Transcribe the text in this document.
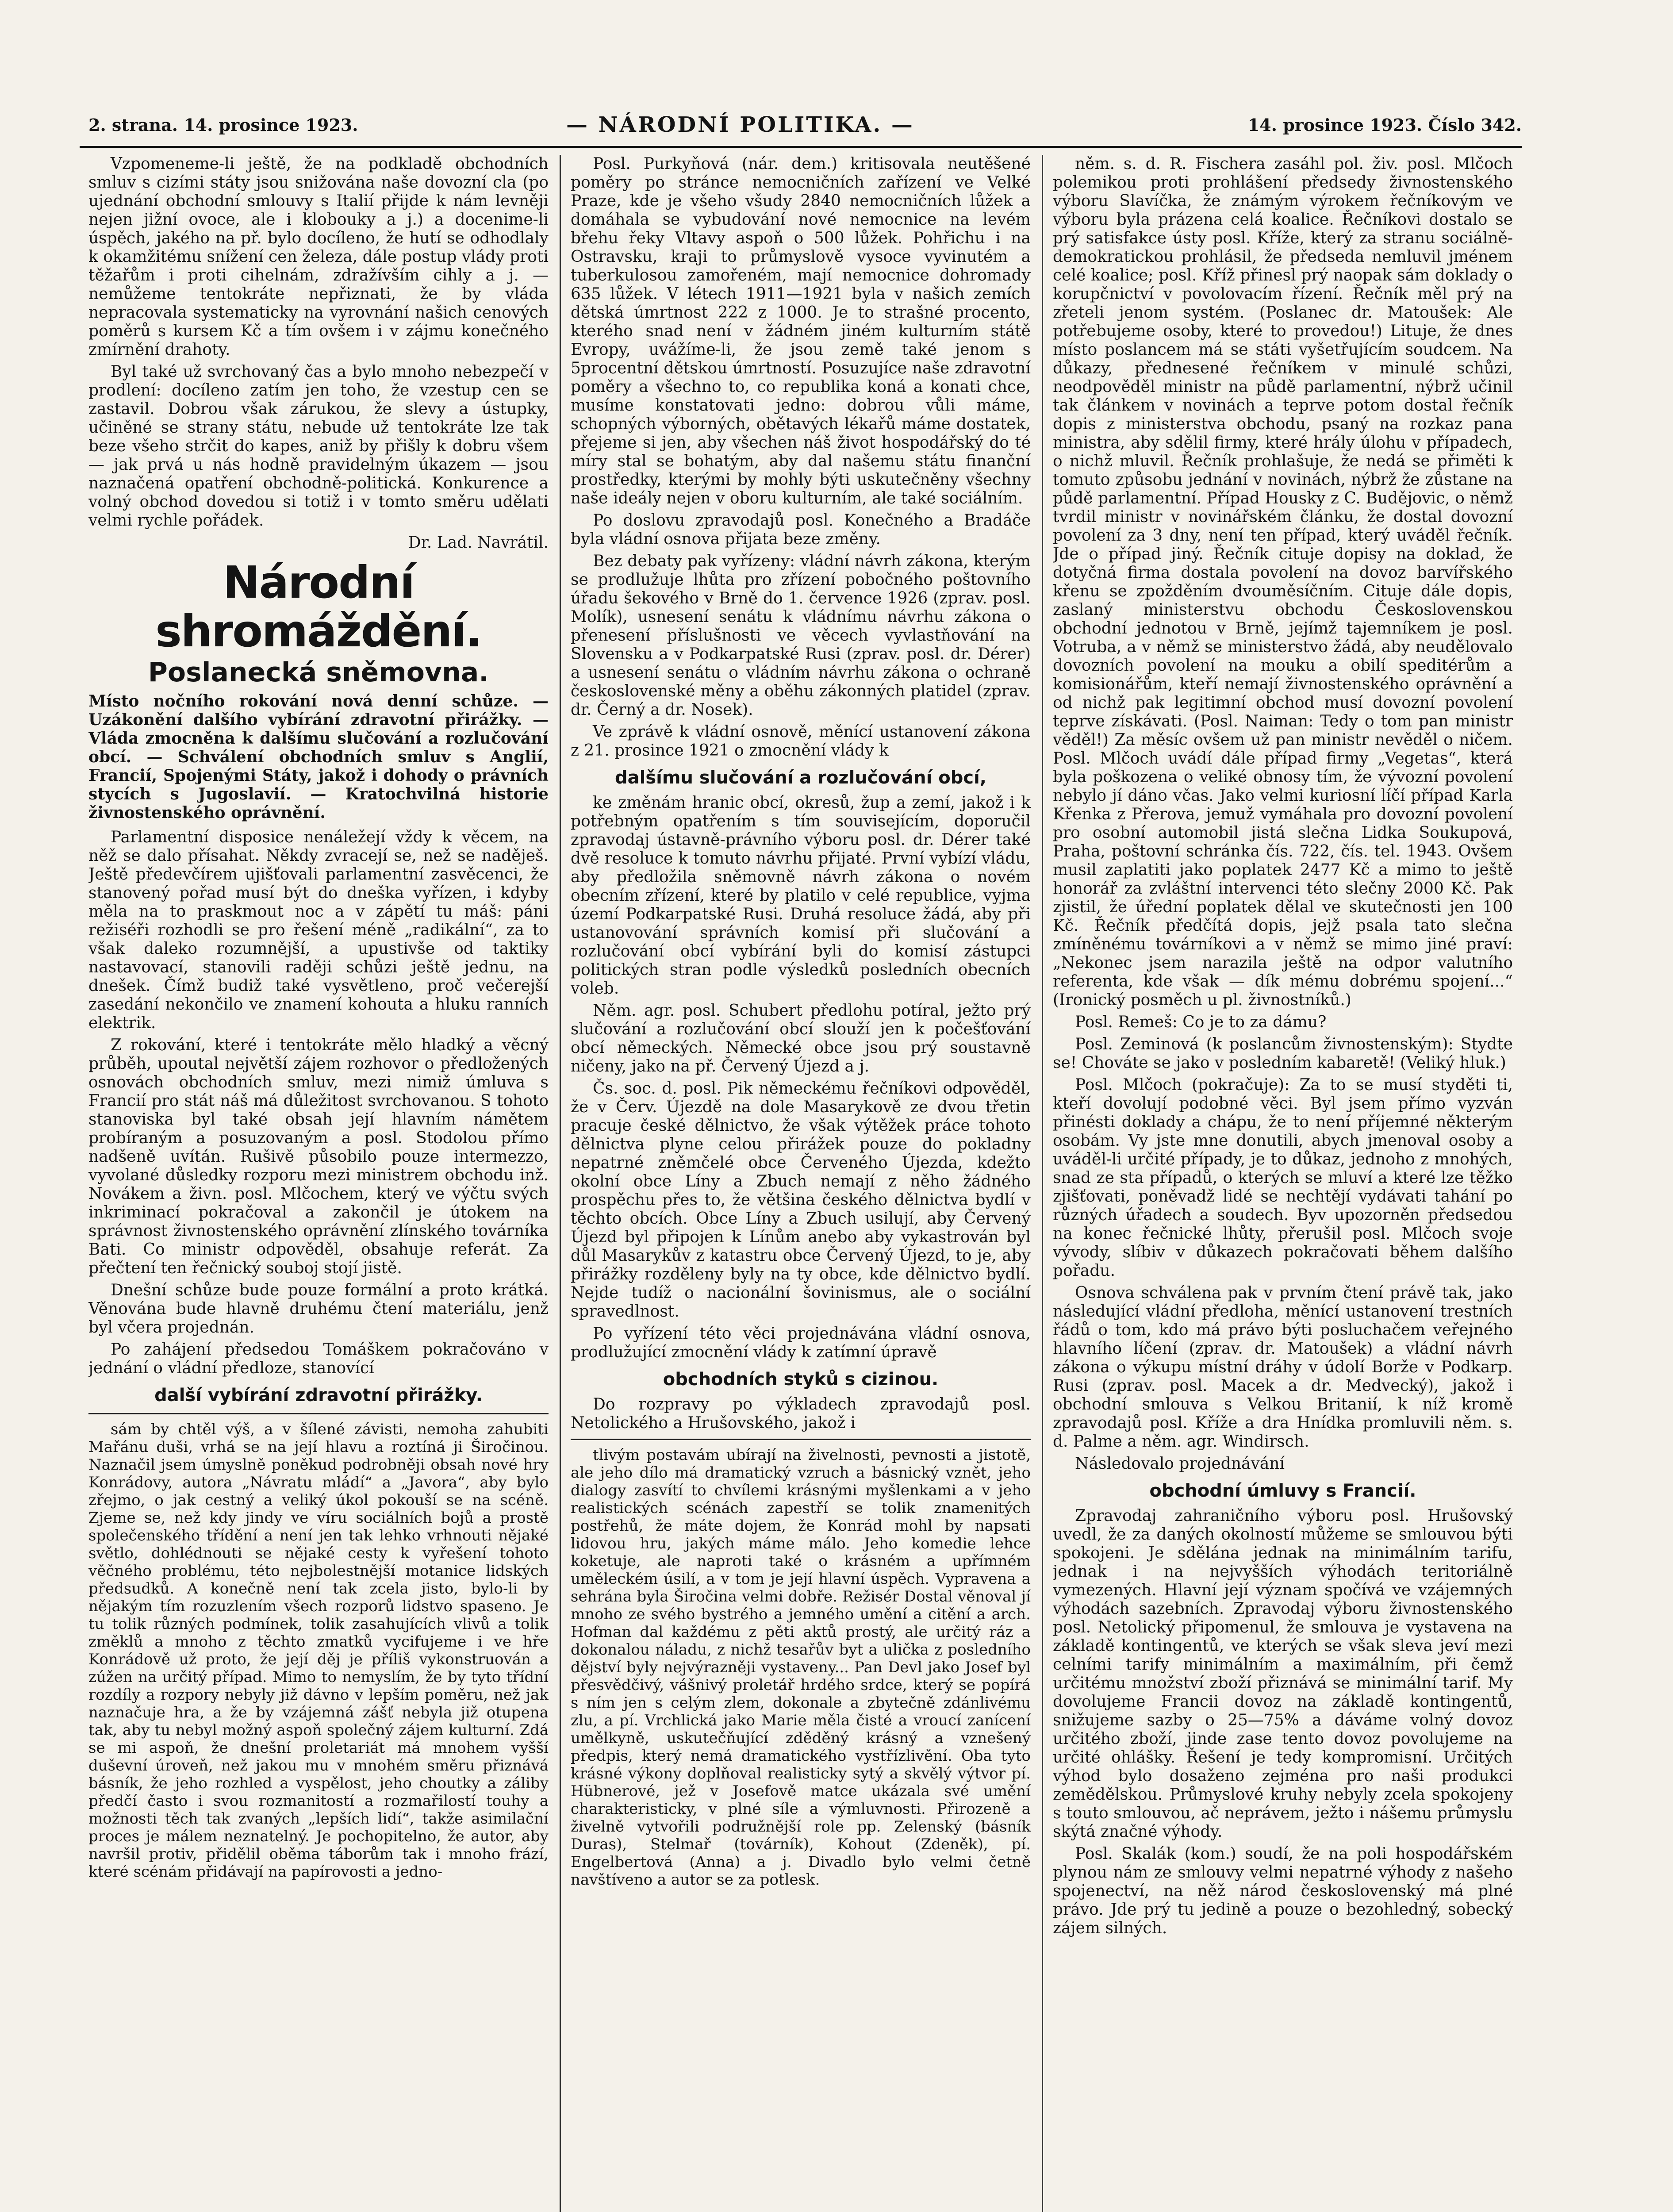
2. strana. 14. prosince 1923.	— NÁRODNÍ POLITIKA. —	14. prosince 1923. Číslo 342.

Vzpomeneme-li ještě, že na podkladě obchodních smluv s cizími státy jsou snižována naše dovozní cla (po ujednání obchodní smlouvy s Italií přijde k nám levněji nejen jižní ovoce, ale i klobouky a j.) a docenime-li úspěch, jakého na př. bylo docíleno, že hutí se odhodlaly k okamžitému snížení cen železa, dále postup vlády proti těžařům i proti cihelnám, zdražívším cihly a j. — nemůžeme tentokráte nepřiznati, že by vláda nepracovala systematicky na vyrovnání našich cenových poměrů s kursem Kč a tím ovšem i v zájmu konečného zmírnění drahoty.

Byl také už svrchovaný čas a bylo mnoho nebezpečí v prodlení: docíleno zatím jen toho, že vzestup cen se zastavil. Dobrou však zárukou, že slevy a ústupky, učiněné se strany státu, nebude už tentokráte lze tak beze všeho strčit do kapes, aniž by přišly k dobru všem — jak prvá u nás hodně pravidelným úkazem — jsou naznačená opatření obchodně-politická. Konkurence a volný obchod dovedou si totiž i v tomto směru udělati velmi rychle pořádek.

Dr. Lad. Navrátil.
Národní shromáždění.
Poslanecká sněmovna.

Místo nočního rokování nová denní schůze. — Uzákonění dalšího vybírání zdravotní přirážky. — Vláda zmocněna k dalšímu slučování a rozlučování obcí. — Schválení obchodních smluv s Anglií, Francií, Spojenými Státy, jakož i dohody o právních stycích s Jugoslavií. — Kratochvilná historie živnostenského oprávnění.

Parlamentní disposice nenáležejí vždy k věcem, na něž se dalo přísahat. Někdy zvracejí se, než se naděješ. Ještě předevčírem ujišťovali parlamentní zasvěcenci, že stanovený pořad musí být do dneška vyřízen, i kdyby měla na to praskmout noc a v zápětí tu máš: páni režiséři rozhodli se pro řešení méně „radikální“, za to však daleko rozumnější, a upustivše od taktiky nastavovací, stanovili raději schůzi ještě jednu, na dnešek. Čímž budiž také vysvětleno, proč večerejší zasedání nekončilo ve znamení kohouta a hluku ranních elektrik.

Z rokování, které i tentokráte mělo hladký a věcný průběh, upoutal největší zájem rozhovor o předložených osnovách obchodních smluv, mezi nimiž úmluva s Francií pro stát náš má důležitost svrchovanou. S tohoto stanoviska byl také obsah její hlavním námětem probíraným a posuzovaným a posl. Stodolou přímo nadšeně uvítán. Rušivě působilo pouze intermezzo, vyvolané důsledky rozporu mezi ministrem obchodu inž. Novákem a živn. posl. Mlčochem, který ve výčtu svých inkriminací pokračoval a zakončil je útokem na správnost živnostenského oprávnění zlínského továrníka Bati. Co ministr odpověděl, obsahuje referát. Za přečtení ten řečnický souboj stojí jistě.

Dnešní schůze bude pouze formální a proto krátká. Věnována bude hlavně druhému čtení materiálu, jenž byl včera projednán.

Po zahájení předsedou Tomáškem pokračováno v jednání o vládní předloze, stanovící

další vybírání zdravotní přirážky.

sám by chtěl výš, a v šílené závisti, nemoha zahubiti Mařánu duši, vrhá se na její hlavu a roztíná ji Širočinou. Naznačil jsem úmyslně poněkud podrobněji obsah nové hry Konrádovy, autora „Návratu mládí“ a „Javora“, aby bylo zřejmo, o jak cestný a veliký úkol pokouší se na scéně. Zjeme se, než kdy jindy ve víru sociálních bojů a prostě společenského třídění a není jen tak lehko vrhnouti nějaké světlo, dohlédnouti se nějaké cesty k vyřešení tohoto věčného problému, této nejbolestnější motanice lidských předsudků. A konečně není tak zcela jisto, bylo-li by nějakým tím rozuzlením všech rozporů lidstvo spaseno. Je tu tolik různých podmínek, tolik zasahujících vlivů a tolik změklů a mnoho z těchto zmatků vycifujeme i ve hře Konrádově už proto, že její děj je příliš vykonstruován a zúžen na určitý případ. Mimo to nemyslím, že by tyto třídní rozdíly a rozpory nebyly již dávno v lepším poměru, než jak naznačuje hra, a že by vzájemná zášť nebyla již otupena tak, aby tu nebyl možný aspoň společný zájem kulturní. Zdá se mi aspoň, že dnešní proletariát má mnohem vyšší duševní úroveň, než jakou mu v mnohém směru přiznává básník, že jeho rozhled a vyspělost, jeho choutky a záliby předčí často i svou rozmanitostí a rozmařilostí touhy a možnosti těch tak zvaných „lepších lidí“, takže asimilační proces je málem neznatelný. Je pochopitelno, že autor, aby navršil protiv, přidělil oběma táborům tak i mnoho frází, které scénám přidávají na papírovosti a jedno-

Posl. Purkyňová (nár. dem.) kritisovala neutěšené poměry po stránce nemocničních zařízení ve Velké Praze, kde je všeho všudy 2840 nemocničních lůžek a domáhala se vybudování nové nemocnice na levém břehu řeky Vltavy aspoň o 500 lůžek. Pohřichu i na Ostravsku, kraji to průmyslově vysoce vyvinutém a tuberkulosou zamořeném, mají nemocnice dohromady 635 lůžek. V létech 1911—1921 byla v našich zemích dětská úmrtnost 222 z 1000. Je to strašné procento, kterého snad není v žádném jiném kulturním státě Evropy, uvážíme-li, že jsou země také jenom s 5procentní dětskou úmrtností. Posuzujíce naše zdravotní poměry a všechno to, co republika koná a konati chce, musíme konstatovati jedno: dobrou vůli máme, schopných výborných, obětavých lékařů máme dostatek, přejeme si jen, aby všechen náš život hospodářský do té míry stal se bohatým, aby dal našemu státu finanční prostředky, kterými by mohly býti uskutečněny všechny naše ideály nejen v oboru kulturním, ale také sociálním.

Po doslovu zpravodajů posl. Konečného a Bradáče byla vládní osnova přijata beze změny.

Bez debaty pak vyřízeny: vládní návrh zákona, kterým se prodlužuje lhůta pro zřízení pobočného poštovního úřadu šekového v Brně do 1. července 1926 (zprav. posl. Molík), usnesení senátu k vládnímu návrhu zákona o přenesení příslušnosti ve věcech vyvlastňování na Slovensku a v Podkarpatské Rusi (zprav. posl. dr. Dérer) a usnesení senátu o vládním návrhu zákona o ochraně československé měny a oběhu zákonných platidel (zprav. dr. Černý a dr. Nosek).

Ve zprávě k vládní osnově, měnící ustanovení zákona z 21. prosince 1921 o zmocnění vlády k

dalšímu slučování a rozlučování obcí,

ke změnám hranic obcí, okresů, žup a zemí, jakož i k potřebným opatřením s tím souvisejícím, doporučil zpravodaj ústavně-právního výboru posl. dr. Dérer také dvě resoluce k tomuto návrhu přijaté. První vybízí vládu, aby předložila sněmovně návrh zákona o novém obecním zřízení, které by platilo v celé republice, vyjma území Podkarpatské Rusi. Druhá resoluce žádá, aby při ustanovování správních komisí při slučování a rozlučování obcí vybírání byli do komisí zástupci politických stran podle výsledků posledních obecních voleb.

Něm. agr. posl. Schubert předlohu potíral, ježto prý slučování a rozlučování obcí slouží jen k počešťování obcí německých. Německé obce jsou prý soustavně ničeny, jako na př. Červený Újezd a j.

Čs. soc. d. posl. Pik německému řečníkovi odpověděl, že v Červ. Újezdě na dole Masarykově ze dvou třetin pracuje české dělnictvo, že však výtěžek práce tohoto dělnictva plyne celou přirážek pouze do pokladny nepatrné zněmčelé obce Červeného Újezda, kdežto okolní obce Líny a Zbuch nemají z něho žádného prospěchu přes to, že většina českého dělnictva bydlí v těchto obcích. Obce Líny a Zbuch usilují, aby Červený Újezd byl připojen k Línům anebo aby vykastrován byl důl Masarykův z katastru obce Červený Újezd, to je, aby přirážky rozděleny byly na ty obce, kde dělnictvo bydlí. Nejde tudíž o nacionální šovinismus, ale o sociální spravedlnost.

Po vyřízení této věci projednávána vládní osnova, prodlužující zmocnění vlády k zatímní úpravě

obchodních styků s cizinou.

Do rozpravy po výkladech zpravodajů posl. Netolického a Hrušovského, jakož i

tlivým postavám ubírají na živelnosti, pevnosti a jistotě, ale jeho dílo má dramatický vzruch a básnický vznět, jeho dialogy zasvítí to chvílemi krásnými myšlenkami a v jeho realistických scénách zapestří se tolik znamenitých postřehů, že máte dojem, že Konrád mohl by napsati lidovou hru, jakých máme málo. Jeho komedie lehce koketuje, ale naproti také o krásném a upřímném uměleckém úsilí, a v tom je její hlavní úspěch. Vypravena a sehrána byla Širočina velmi dobře. Režisér Dostal věnoval jí mnoho ze svého bystrého a jemného umění a citění a arch. Hofman dal každému z pěti aktů prostý, ale určitý ráz a dokonalou náladu, z nichž tesařův byt a ulička z posledního dějství byly nejvýrazněji vystaveny... Pan Devl jako Josef byl přesvědčivý, vášnivý proletář hrdého srdce, který se popírá s ním jen s celým zlem, dokonale a zbytečně zdánlivému zlu, a pí. Vrchlická jako Marie měla čisté a vroucí zanícení umělkyně, uskutečňující zděděný krásný a vznešený předpis, který nemá dramatického vystřízlivění. Oba tyto krásné výkony doplňoval realisticky sytý a skvělý výtvor pí. Hübnerové, jež v Josefově matce ukázala své umění charakteristicky, v plné síle a výmluvnosti. Přirozeně a živelně vytvořili podružnější role pp. Zelenský (básník Duras), Stelmař (továrník), Kohout (Zdeněk), pí. Engelbertová (Anna) a j. Divadlo bylo velmi četně navštíveno a autor se za potlesk.

něm. s. d. R. Fischera zasáhl pol. živ. posl. Mlčoch polemikou proti prohlášení předsedy živnostenského výboru Slavíčka, že známým výrokem řečníkovým ve výboru byla prázena celá koalice. Řečníkovi dostalo se prý satisfakce ústy posl. Kříže, který za stranu sociálně-demokratickou prohlásil, že předseda nemluvil jménem celé koalice; posl. Kříž přinesl prý naopak sám doklady o korupčnictví v povolovacím řízení. Řečník měl prý na zřeteli jenom systém. (Poslanec dr. Matoušek: Ale potřebujeme osoby, které to provedou!) Lituje, že dnes místo poslancem má se státi vyšetřujícím soudcem. Na důkazy, přednesené řečníkem v minulé schůzi, neodpověděl ministr na půdě parlamentní, nýbrž učinil tak článkem v novinách a teprve potom dostal řečník dopis z ministerstva obchodu, psaný na rozkaz pana ministra, aby sdělil firmy, které hrály úlohu v případech, o nichž mluvil. Řečník prohlašuje, že nedá se přiměti k tomuto způsobu jednání v novinách, nýbrž že zůstane na půdě parlamentní. Případ Housky z C. Budějovic, o němž tvrdil ministr v novinářském článku, že dostal dovozní povolení za 3 dny, není ten případ, který uváděl řečník. Jde o případ jiný. Řečník cituje dopisy na doklad, že dotyčná firma dostala povolení na dovoz barvířského křenu se zpožděním dvouměsíčním. Cituje dále dopis, zaslaný ministerstvu obchodu Československou obchodní jednotou v Brně, jejímž tajemníkem je posl. Votruba, a v němž se ministerstvo žádá, aby neudělovalo dovozních povolení na mouku a obilí speditérům a komisionářům, kteří nemají živnostenského oprávnění a od nichž pak legitimní obchod musí dovozní povolení teprve získávati. (Posl. Naiman: Tedy o tom pan ministr věděl!) Za měsíc ovšem už pan ministr nevěděl o ničem. Posl. Mlčoch uvádí dále případ firmy „Vegetas“, která byla poškozena o veliké obnosy tím, že vývozní povolení nebylo jí dáno včas. Jako velmi kuriosní líčí případ Karla Křenka z Přerova, jemuž vymáhala pro dovozní povolení pro osobní automobil jistá slečna Lidka Soukupová, Praha, poštovní schránka čís. 722, čís. tel. 1943. Ovšem musil zaplatiti jako poplatek 2477 Kč a mimo to ještě honorář za zvláštní intervenci této slečny 2000 Kč. Pak zjistil, že úřední poplatek dělal ve skutečnosti jen 100 Kč. Řečník předčítá dopis, jejž psala tato slečna zmíněnému továrníkovi a v němž se mimo jiné praví: „Nekonec jsem narazila ještě na odpor valutního referenta, kde však — dík mému dobrému spojení...“ (Ironický posměch u pl. živnostníků.)

Posl. Remeš: Co je to za dámu?

Posl. Zeminová (k poslancům živnostenským): Stydte se! Chováte se jako v posledním kabaretě! (Veliký hluk.)

Posl. Mlčoch (pokračuje): Za to se musí styděti ti, kteří dovolují podobné věci. Byl jsem přímo vyzván přinésti doklady a chápu, že to není příjemné některým osobám. Vy jste mne donutili, abych jmenoval osoby a uváděl-li určité případy, je to důkaz, jednoho z mnohých, snad ze sta případů, o kterých se mluví a které lze těžko zjišťovati, poněvadž lidé se nechtějí vydávati tahání po různých úřadech a soudech. Byv upozorněn předsedou na konec řečnické lhůty, přerušil posl. Mlčoch svoje vývody, slíbiv v důkazech pokračovati během dalšího pořadu.

Osnova schválena pak v prvním čtení právě tak, jako následující vládní předloha, měnící ustanovení trestních řádů o tom, kdo má právo býti posluchačem veřejného hlavního líčení (zprav. dr. Matoušek) a vládní návrh zákona o výkupu místní dráhy v údolí Borže v Podkarp. Rusi (zprav. posl. Macek a dr. Medvecký), jakož i obchodní smlouva s Velkou Britanií, k níž kromě zpravodajů posl. Kříže a dra Hnídka promluvili něm. s. d. Palme a něm. agr. Windirsch.

Následovalo projednávání

obchodní úmluvy s Francií.

Zpravodaj zahraničního výboru posl. Hrušovský uvedl, že za daných okolností můžeme se smlouvou býti spokojeni. Je sdělána jednak na minimálním tarifu, jednak i na nejvyšších výhodách teritoriálně vymezených. Hlavní její význam spočívá ve vzájemných výhodách sazebních. Zpravodaj výboru živnostenského posl. Netolický připomenul, že smlouva je vystavena na základě kontingentů, ve kterých se však sleva jeví mezi celními tarify minimálním a maximálním, při čemž určitému množství zboží přiznává se minimální tarif. My dovolujeme Francii dovoz na základě kontingentů, snižujeme sazby o 25—75% a dáváme volný dovoz určitého zboží, jinde zase tento dovoz povolujeme na určité ohlášky. Řešení je tedy kompromisní. Určitých výhod bylo dosaženo zejména pro naši produkci zemědělskou. Průmyslové kruhy nebyly zcela spokojeny s touto smlouvou, ač neprávem, ježto i nášemu průmyslu skýtá značné výhody.

Posl. Skalák (kom.) soudí, že na poli hospodářském plynou nám ze smlouvy velmi nepatrné výhody z našeho spojenectví, na něž národ československý má plné právo. Jde prý tu jedině a pouze o bezohledný, sobecký zájem silných.
